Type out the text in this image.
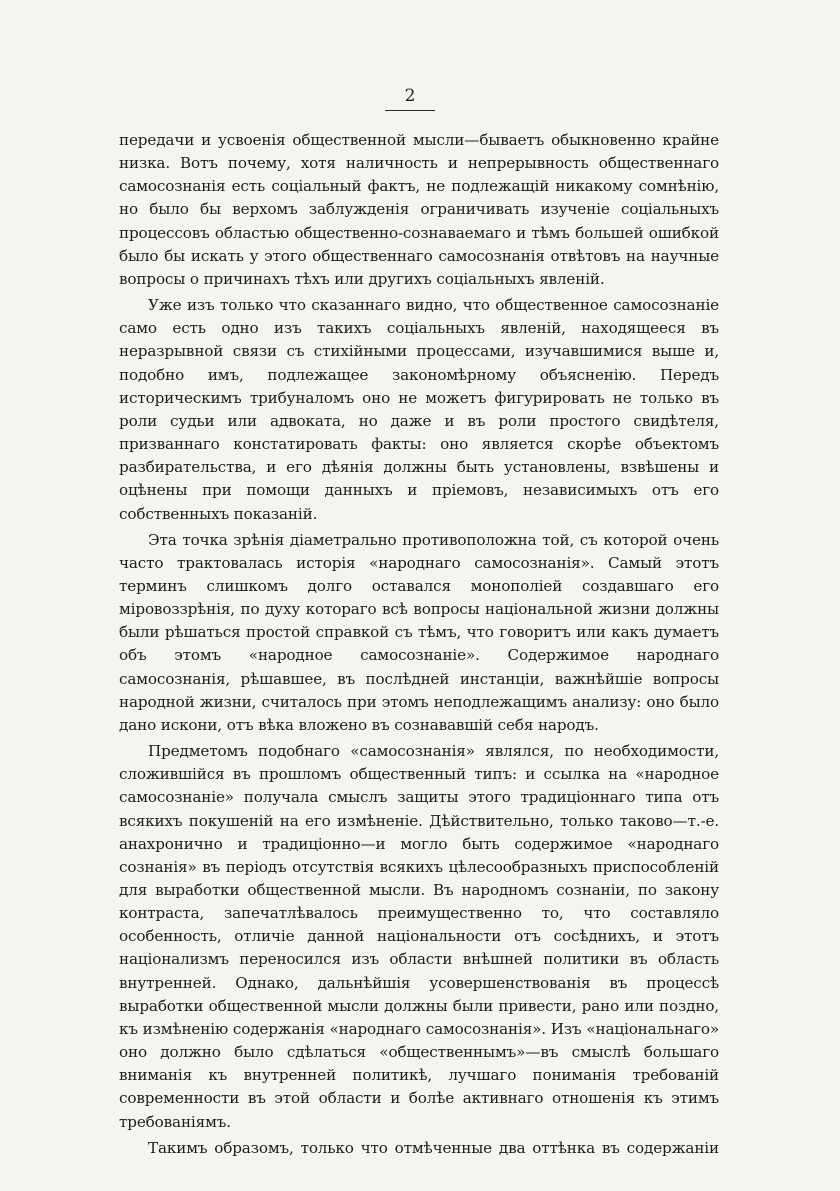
2

передачи и усвоенія общественной мысли—бываетъ обыкновенно крайне низка. Вотъ почему, хотя наличность и непрерывность общественнаго самосознанія есть соціальный фактъ, не подлежащій никакому сомнѣнію, но было бы верхомъ заблужденія ограничивать изученіе соціальныхъ процессовъ областью общественно-сознаваемаго и тѣмъ большей ошибкой было бы искать у этого общественнаго самосознанія отвѣтовъ на научные вопросы о причинахъ тѣхъ или другихъ соціальныхъ явленій.

Уже изъ только что сказаннаго видно, что общественное самосознаніе само есть одно изъ такихъ соціальныхъ явленій, находящееся въ неразрывной связи съ стихійными процессами, изучавшимися выше и, подобно имъ, подлежащее закономѣрному объясненію. Передъ историческимъ трибуналомъ оно не можетъ фигурировать не только въ роли судьи или адвоката, но даже и въ роли простого свидѣтеля, призваннаго констатировать факты: оно является скорѣе объектомъ разбирательства, и его дѣянія должны быть установлены, взвѣшены и оцѣнены при помощи данныхъ и пріемовъ, независимыхъ отъ его собственныхъ показаній.

Эта точка зрѣнія діаметрально противоположна той, съ которой очень часто трактовалась исторія «народнаго самосознанія». Самый этотъ терминъ слишкомъ долго оставался монополіей создавшаго его міровоззрѣнія, по духу котораго всѣ вопросы національной жизни должны были рѣшаться простой справкой съ тѣмъ, что говоритъ или какъ думаетъ объ этомъ «народное самосознаніе». Содержимое народнаго самосознанія, рѣшавшее, въ послѣдней инстанціи, важнѣйшіе вопросы народной жизни, считалось при этомъ неподлежащимъ анализу: оно было дано искони, отъ вѣка вложено въ сознававшій себя народъ.

Предметомъ подобнаго «самосознанія» являлся, по необходимости, сложившійся въ прошломъ общественный типъ: и ссылка на «народное самосознаніе» получала смыслъ защиты этого традиціоннаго типа отъ всякихъ покушеній на его измѣненіе. Дѣйствительно, только таково—т.-е. анахронично и традиціонно—и могло быть содержимое «народнаго сознанія» въ періодъ отсутствія всякихъ цѣлесообразныхъ приспособленій для выработки общественной мысли. Въ народномъ сознаніи, по закону контраста, запечатлѣвалось преимущественно то, что составляло особенность, отличіе данной національности отъ сосѣднихъ, и этотъ націонализмъ переносился изъ области внѣшней политики въ область внутренней. Однако, дальнѣйшія усовершенствованія въ процессѣ выработки общественной мысли должны были привести, рано или поздно, къ измѣненію содержанія «народнаго самосознанія». Изъ «національнаго» оно должно было сдѣлаться «общественнымъ»—въ смыслѣ большаго вниманія къ внутренней политикѣ, лучшаго пониманія требованій современности въ этой области и болѣе активнаго отношенія къ этимъ требованіямъ.

Такимъ образомъ, только что отмѣченные два оттѣнка въ содержаніи
